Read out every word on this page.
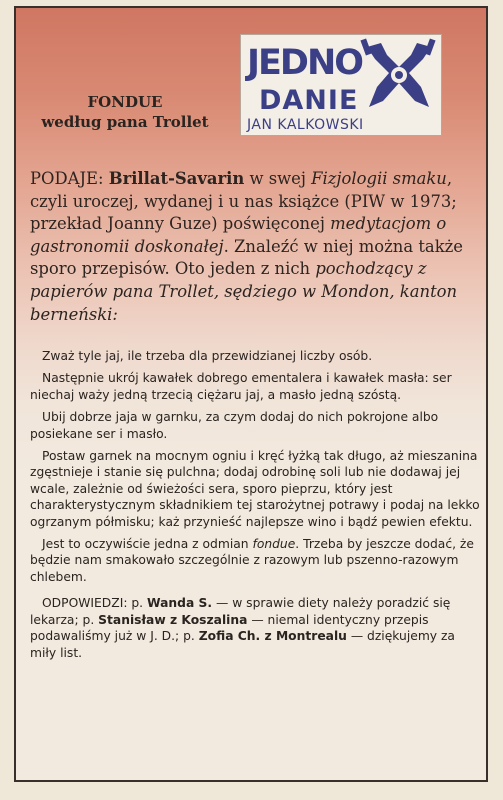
JEDNO
DANIE
JAN KALKOWSKI
FONDUE
według pana Trollet

PODAJE: Brillat-Savarin w swej Fizjologii smaku, czyli uroczej, wydanej i u nas książce (PIW w 1973; przekład Joanny Guze) poświęconej medytacjom o gastronomii doskonałej. Znaleźć w niej można także sporo przepisów. Oto jeden z nich pochodzący z papierów pana Trollet, sędziego w Mondon, kanton berneński:

Zważ tyle jaj, ile trzeba dla przewidzianej liczby osób.

Następnie ukrój kawałek dobrego ementalera i kawałek masła: ser niechaj waży jedną trzecią ciężaru jaj, a masło jedną szóstą.

Ubij dobrze jaja w garnku, za czym dodaj do nich pokrojone albo posiekane ser i masło.

Postaw garnek na mocnym ogniu i kręć łyżką tak długo, aż mieszanina zgęstnieje i stanie się pulchna; dodaj odrobinę soli lub nie dodawaj jej wcale, zależnie od świeżości sera, sporo pieprzu, który jest charakterystycznym składnikiem tej starożytnej potrawy i podaj na lekko ogrzanym półmisku; każ przynieść najlepsze wino i bądź pewien efektu.

Jest to oczywiście jedna z odmian fondue. Trzeba by jeszcze dodać, że będzie nam smakowało szczególnie z razowym lub pszenno-razowym chlebem.

ODPOWIEDZI: p. Wanda S. — w sprawie diety należy poradzić się lekarza; p. Stanisław z Koszalina — niemal identyczny przepis podawaliśmy już w J. D.; p. Zofia Ch. z Montrealu — dziękujemy za miły list.
